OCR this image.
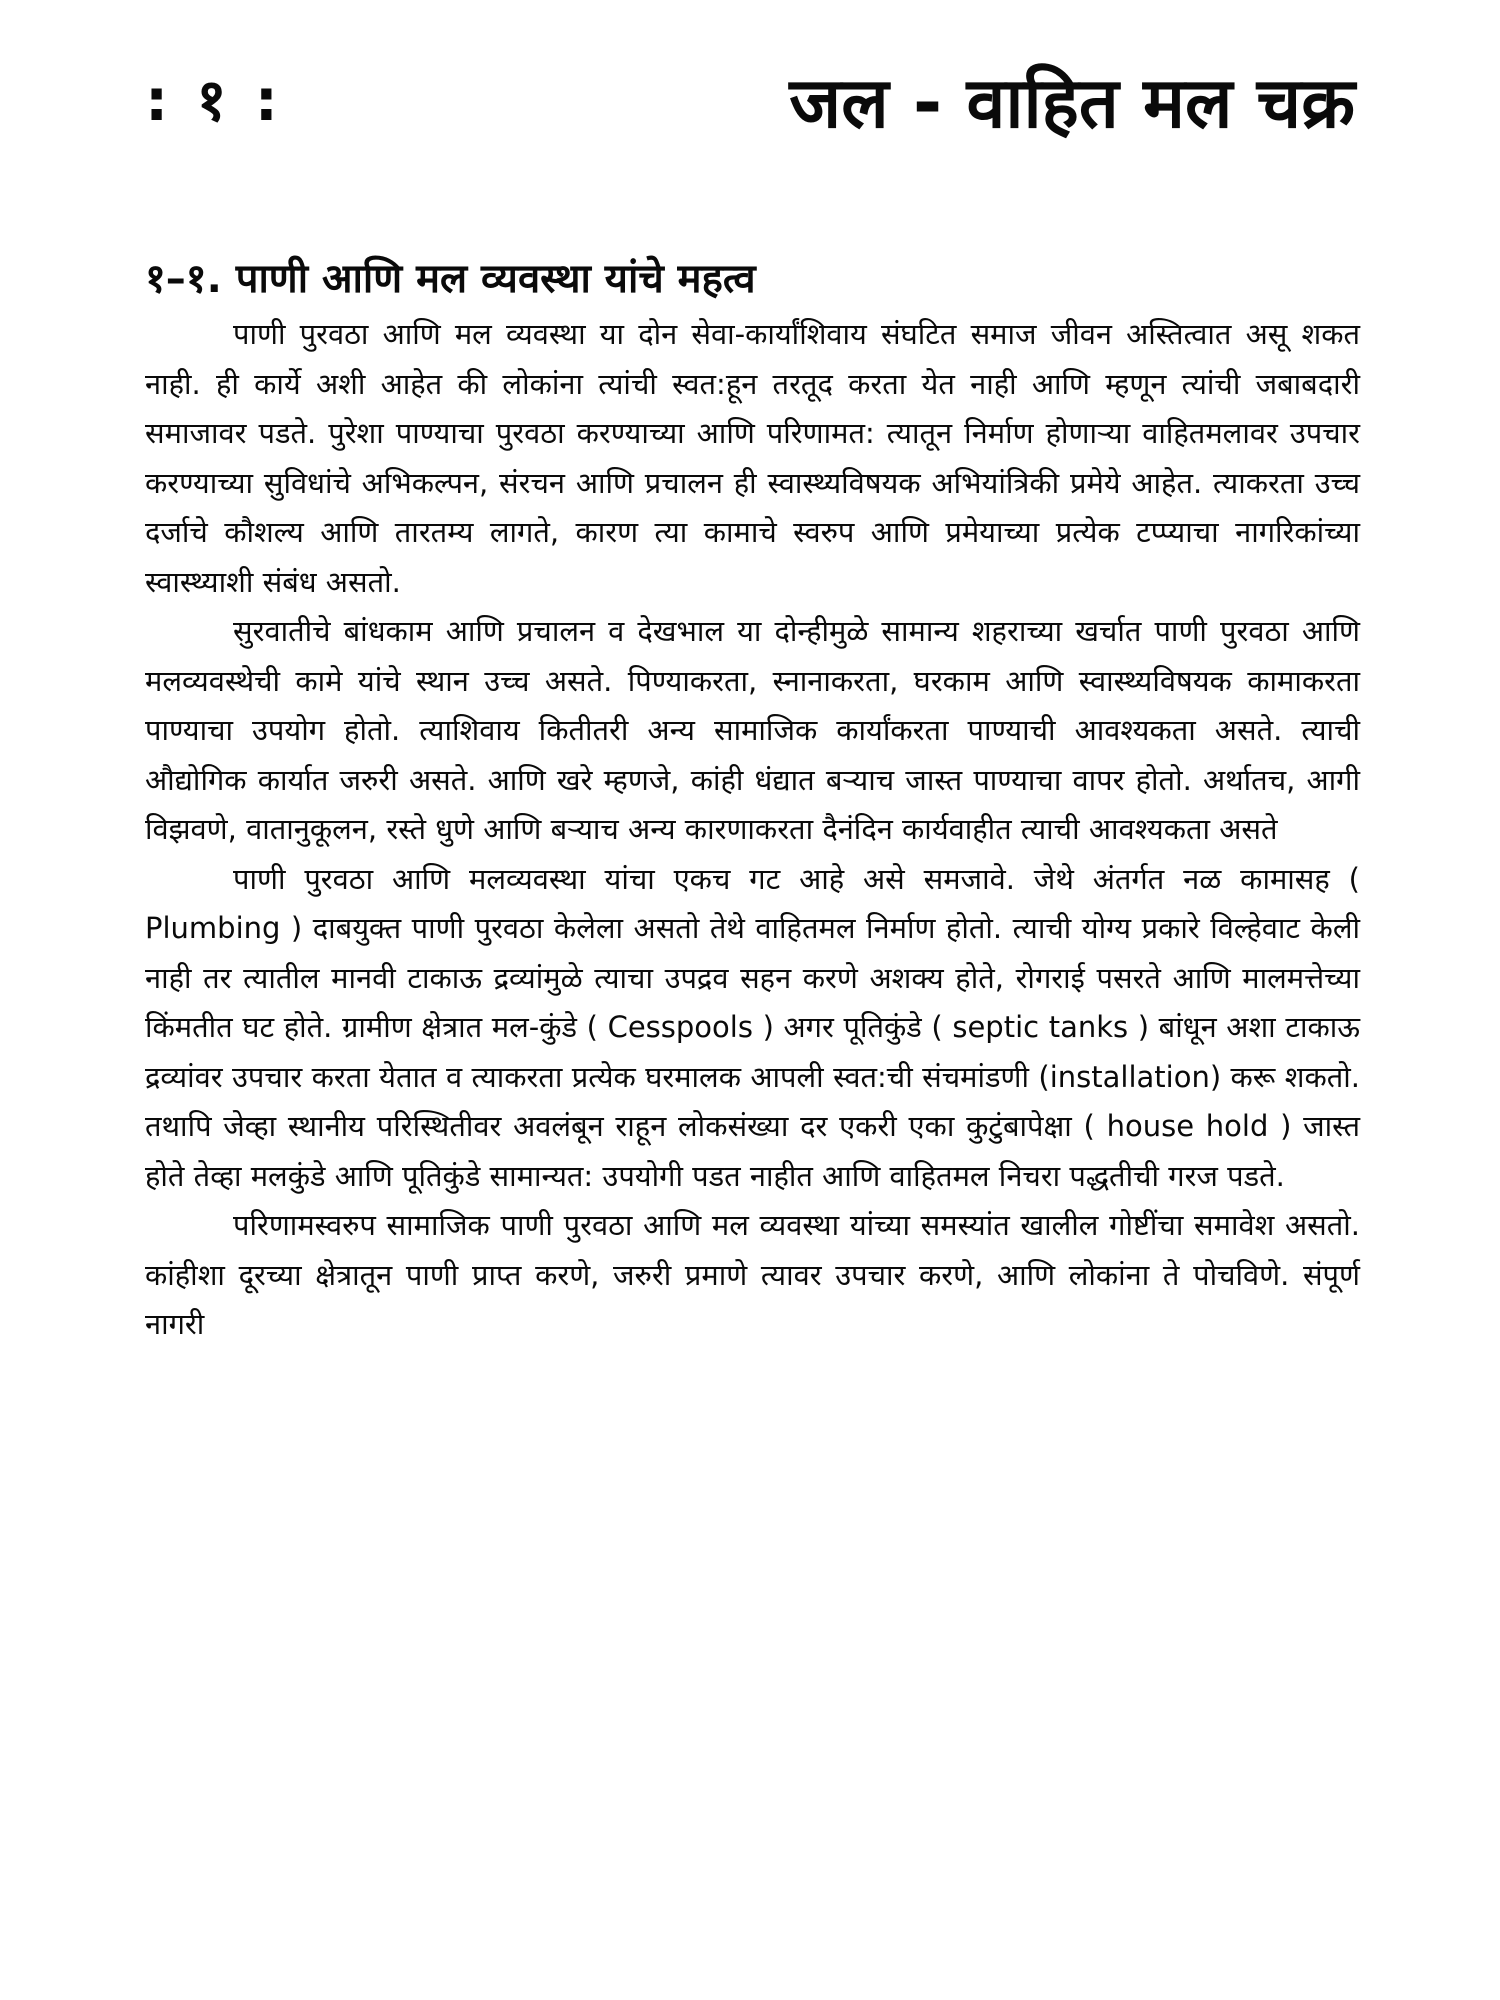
: १ :	जल - वाहित मल चक्र
१–१. पाणी आणि मल व्यवस्था यांचे महत्व

पाणी पुरवठा आणि मल व्यवस्था या दोन सेवा-कार्यांशिवाय संघटित समाज जीवन अस्तित्वात असू शकत नाही. ही कार्ये अशी आहेत की लोकांना त्यांची स्वत:हून तरतूद करता येत नाही आणि म्हणून त्यांची जबाबदारी समाजावर पडते. पुरेशा पाण्याचा पुरवठा करण्याच्या आणि परिणामत: त्यातून निर्माण होणाऱ्या वाहितमलावर उपचार करण्याच्या सुविधांचे अभिकल्पन, संरचन आणि प्रचालन ही स्वास्थ्यविषयक अभियांत्रिकी प्रमेये आहेत. त्याकरता उच्च दर्जाचे कौशल्य आणि तारतम्य लागते, कारण त्या कामाचे स्वरुप आणि प्रमेयाच्या प्रत्येक टप्प्याचा नागरिकांच्या स्वास्थ्याशी संबंध असतो.

सुरवातीचे बांधकाम आणि प्रचालन व देखभाल या दोन्हीमुळे सामान्य शहराच्या खर्चात पाणी पुरवठा आणि मलव्यवस्थेची कामे यांचे स्थान उच्च असते. पिण्याकरता, स्नानाकरता, घरकाम आणि स्वास्थ्यविषयक कामाकरता पाण्याचा उपयोग होतो. त्याशिवाय कितीतरी अन्य सामाजिक कार्यांकरता पाण्याची आवश्यकता असते. त्याची औद्योगिक कार्यात जरुरी असते. आणि खरे म्हणजे, कांही धंद्यात बऱ्याच जास्त पाण्याचा वापर होतो. अर्थातच, आगी विझवणे, वातानुकूलन, रस्ते धुणे आणि बऱ्याच अन्य कारणाकरता दैनंदिन कार्यवाहीत त्याची आवश्यकता असते

पाणी पुरवठा आणि मलव्यवस्था यांचा एकच गट आहे असे समजावे. जेथे अंतर्गत नळ कामासह ( Plumbing ) दाबयुक्त पाणी पुरवठा केलेला असतो तेथे वाहितमल निर्माण होतो. त्याची योग्य प्रकारे विल्हेवाट केली नाही तर त्यातील मानवी टाकाऊ द्रव्यांमुळे त्याचा उपद्रव सहन करणे अशक्य होते, रोगराई पसरते आणि मालमत्तेच्या किंमतीत घट होते. ग्रामीण क्षेत्रात मल-कुंडे ( Cesspools ) अगर पूतिकुंडे ( septic tanks ) बांधून अशा टाकाऊ द्रव्यांवर उपचार करता येतात व त्याकरता प्रत्येक घरमालक आपली स्वत:ची संचमांडणी (installation) करू शकतो. तथापि जेव्हा स्थानीय परिस्थितीवर अवलंबून राहून लोकसंख्या दर एकरी एका कुटुंबापेक्षा ( house hold ) जास्त होते तेव्हा मलकुंडे आणि पूतिकुंडे सामान्यत: उपयोगी पडत नाहीत आणि वाहितमल निचरा पद्धतीची गरज पडते.

परिणामस्वरुप सामाजिक पाणी पुरवठा आणि मल व्यवस्था यांच्या समस्यांत खालील गोष्टींचा समावेश असतो. कांहीशा दूरच्या क्षेत्रातून पाणी प्राप्त करणे, जरुरी प्रमाणे त्यावर उपचार करणे, आणि लोकांना ते पोचविणे. संपूर्ण नागरी
